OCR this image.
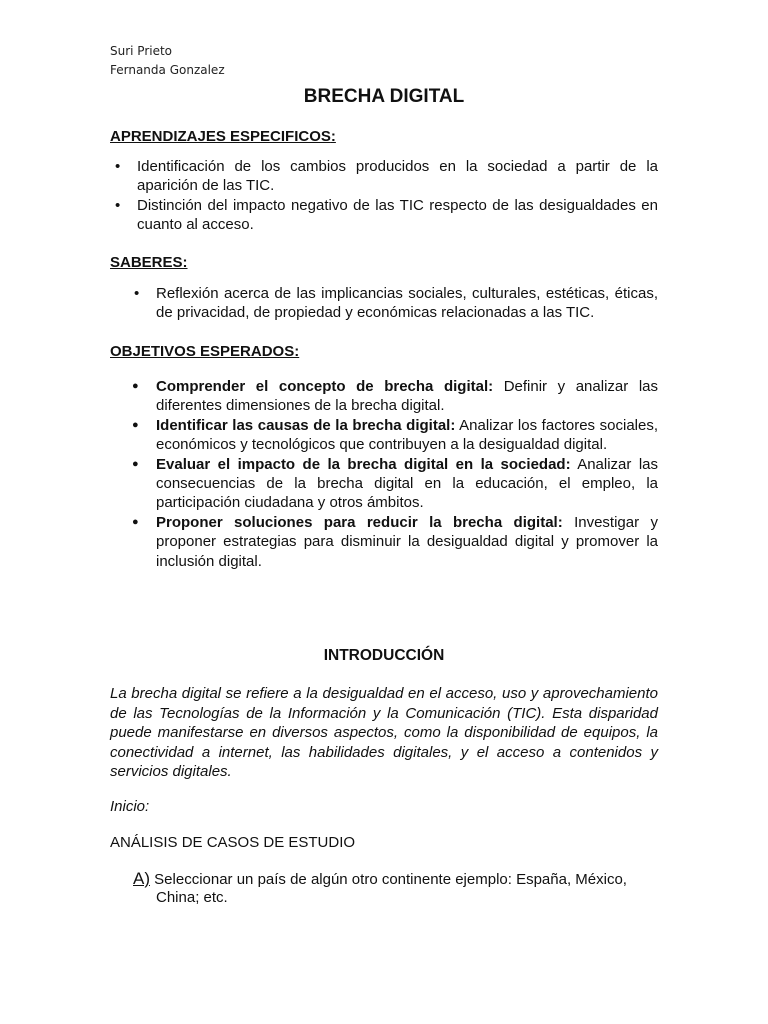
Suri Prieto
Fernanda Gonzalez
BRECHA DIGITAL
APRENDIZAJES ESPECIFICOS:
• Identificación de los cambios producidos en la sociedad a partir de la aparición de las TIC.
• Distinción del impacto negativo de las TIC respecto de las desigualdades en cuanto al acceso.
SABERES:
• Reflexión acerca de las implicancias sociales, culturales, estéticas, éticas, de privacidad, de propiedad y económicas relacionadas a las TIC.
OBJETIVOS ESPERADOS:
● Comprender el concepto de brecha digital: Definir y analizar las diferentes dimensiones de la brecha digital.
● Identificar las causas de la brecha digital: Analizar los factores sociales, económicos y tecnológicos que contribuyen a la desigualdad digital.
● Evaluar el impacto de la brecha digital en la sociedad: Analizar las consecuencias de la brecha digital en la educación, el empleo, la participación ciudadana y otros ámbitos.
● Proponer soluciones para reducir la brecha digital: Investigar y proponer estrategias para disminuir la desigualdad digital y promover la inclusión digital.
INTRODUCCIÓN
La brecha digital se refiere a la desigualdad en el acceso, uso y aprovechamiento de las Tecnologías de la Información y la Comunicación (TIC). Esta disparidad puede manifestarse en diversos aspectos, como la disponibilidad de equipos, la conectividad a internet, las habilidades digitales, y el acceso a contenidos y servicios digitales.
Inicio:
ANÁLISIS DE CASOS DE ESTUDIO
A) Seleccionar un país de algún otro continente ejemplo: España, México,
China; etc.
